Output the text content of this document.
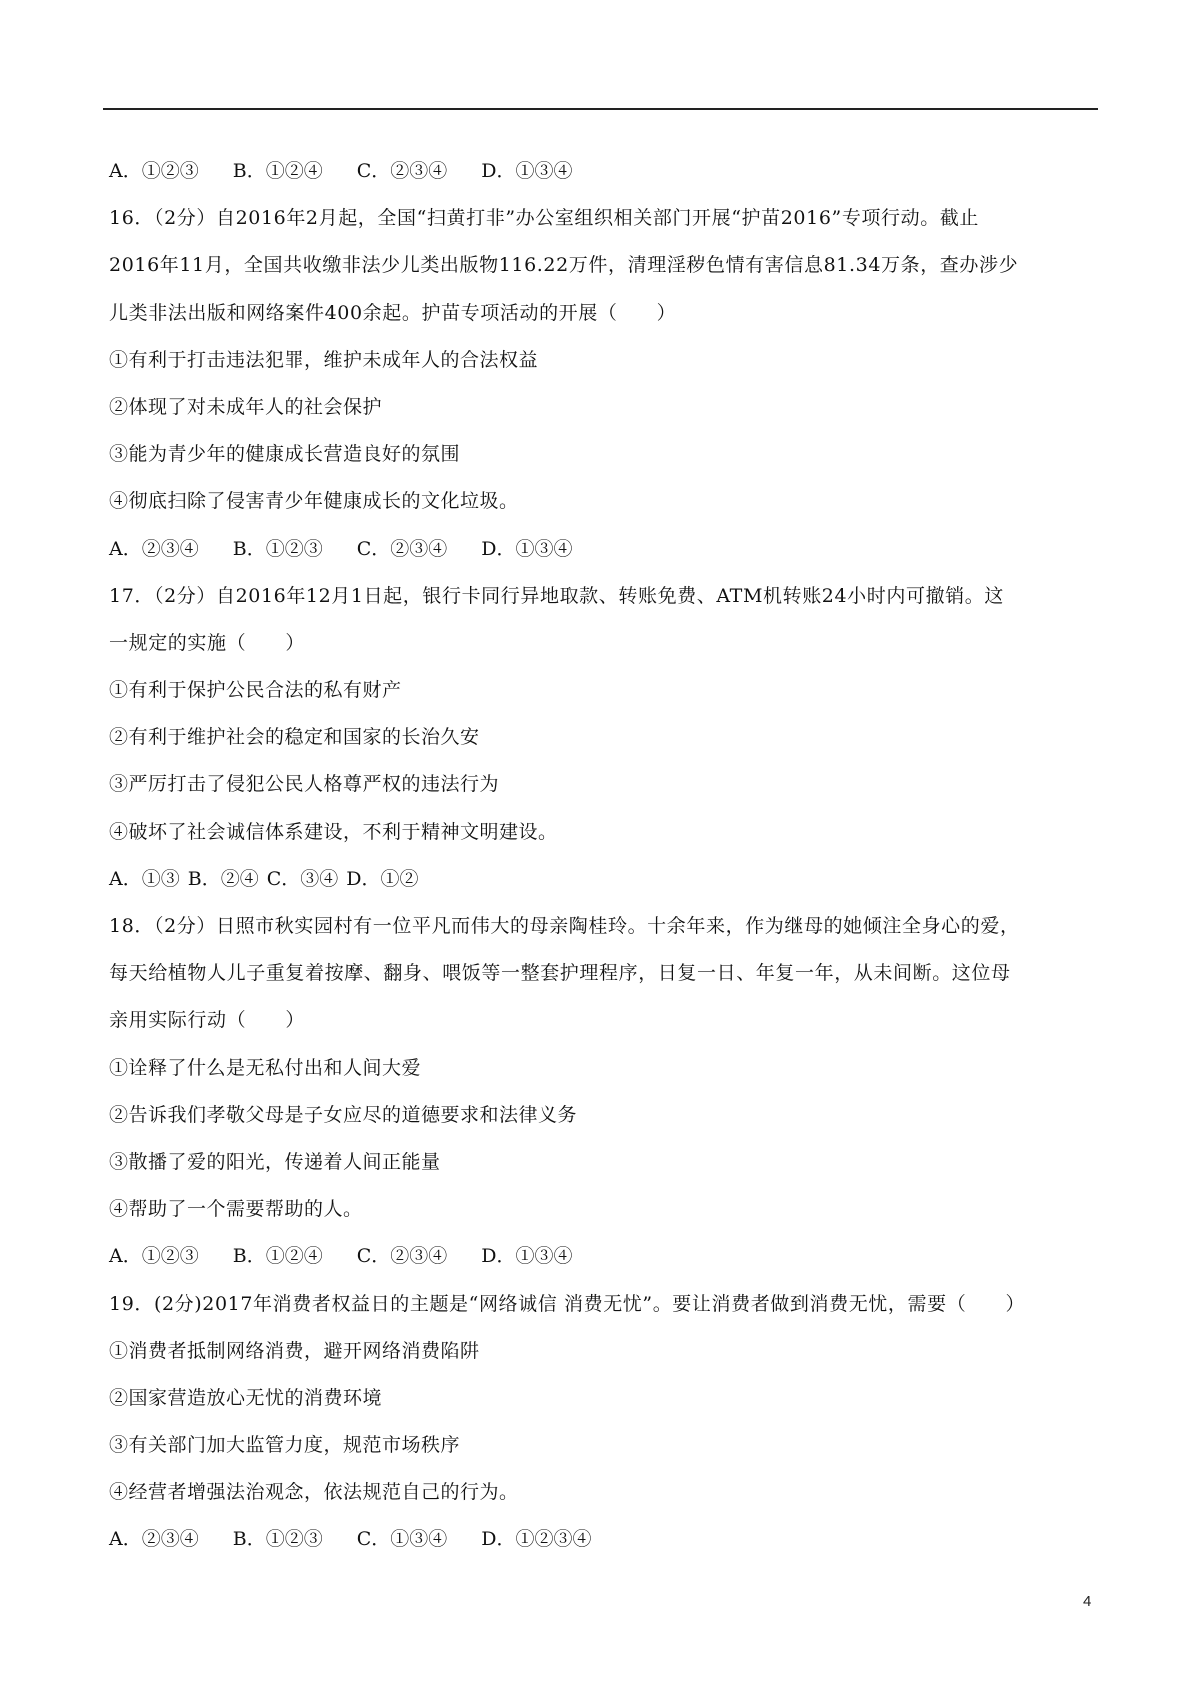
A．①②③ B．①②④ C．②③④ D．①③④
16．（2分）自2016年2月起，全国“扫黄打非”办公室组织相关部门开展“护苗2016”专项行动。截止
2016年11月，全国共收缴非法少儿类出版物116.22万件，清理淫秽色情有害信息81.34万条，查办涉少
儿类非法出版和网络案件400余起。护苗专项活动的开展（　　）
①有利于打击违法犯罪，维护未成年人的合法权益
②体现了对未成年人的社会保护
③能为青少年的健康成长营造良好的氛围
④彻底扫除了侵害青少年健康成长的文化垃圾。
A．②③④ B．①②③ C．②③④ D．①③④
17．（2分）自2016年12月1日起，银行卡同行异地取款、转账免费、ATM机转账24小时内可撤销。这
一规定的实施（　　）
①有利于保护公民合法的私有财产
②有利于维护社会的稳定和国家的长治久安
③严厉打击了侵犯公民人格尊严权的违法行为
④破坏了社会诚信体系建设，不利于精神文明建设。
A．①③ B．②④ C．③④ D．①②
18．（2分）日照市秋实园村有一位平凡而伟大的母亲陶桂玲。十余年来，作为继母的她倾注全身心的爱，
每天给植物人儿子重复着按摩、翻身、喂饭等一整套护理程序，日复一日、年复一年，从未间断。这位母
亲用实际行动（　　）
①诠释了什么是无私付出和人间大爱
②告诉我们孝敬父母是子女应尽的道德要求和法律义务
③散播了爱的阳光，传递着人间正能量
④帮助了一个需要帮助的人。
A．①②③ B．①②④ C．②③④ D．①③④
19．(2分)2017年消费者权益日的主题是“网络诚信 消费无忧”。要让消费者做到消费无忧，需要（　　）
①消费者抵制网络消费，避开网络消费陷阱
②国家营造放心无忧的消费环境
③有关部门加大监管力度，规范市场秩序
④经营者增强法治观念，依法规范自己的行为。
A．②③④ B．①②③ C．①③④ D．①②③④
4
